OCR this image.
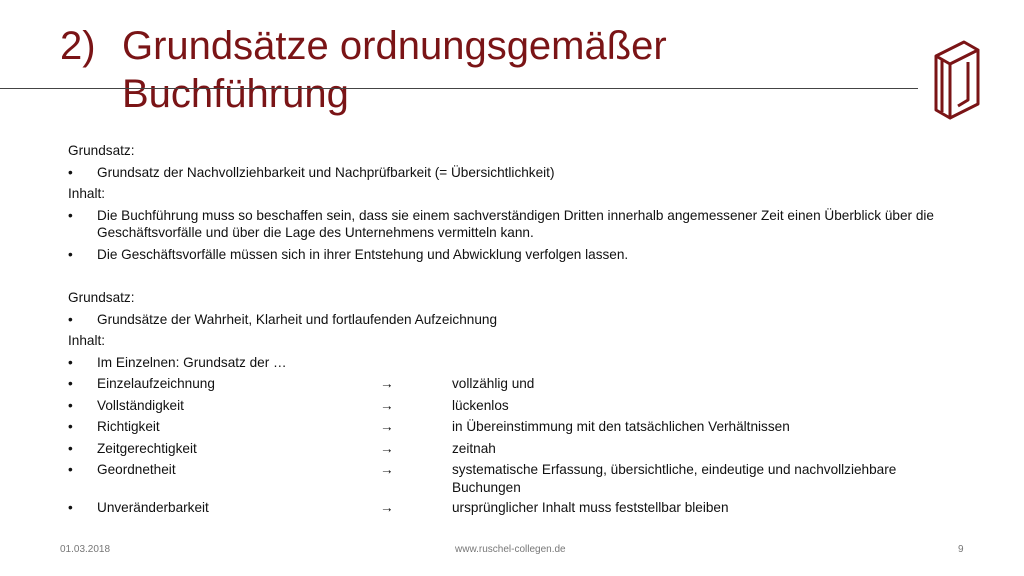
2) Grundsätze ordnungsgemäßer
Buchführung
Grundsatz:
•	Grundsatz der Nachvollziehbarkeit und Nachprüfbarkeit (= Übersichtlichkeit)
Inhalt:
•	Die Buchführung muss so beschaffen sein, dass sie einem sachverständigen Dritten innerhalb angemessener Zeit einen Überblick über die Geschäftsvorfälle und über die Lage des Unternehmens vermitteln kann.
•	Die Geschäftsvorfälle müssen sich in ihrer Entstehung und Abwicklung verfolgen lassen.
Grundsatz:
•	Grundsätze der Wahrheit, Klarheit und fortlaufenden Aufzeichnung
Inhalt:
•	Im Einzelnen: Grundsatz der …
•	Einzelaufzeichnung	→	vollzählig und
•	Vollständigkeit	→	lückenlos
•	Richtigkeit	→	in Übereinstimmung mit den tatsächlichen Verhältnissen
•	Zeitgerechtigkeit	→	zeitnah
•	Geordnetheit	→	systematische Erfassung, übersichtliche, eindeutige und nachvollziehbare Buchungen
•	Unveränderbarkeit	→	ursprünglicher Inhalt muss feststellbar bleiben
01.03.2018	www.ruschel-collegen.de	9
